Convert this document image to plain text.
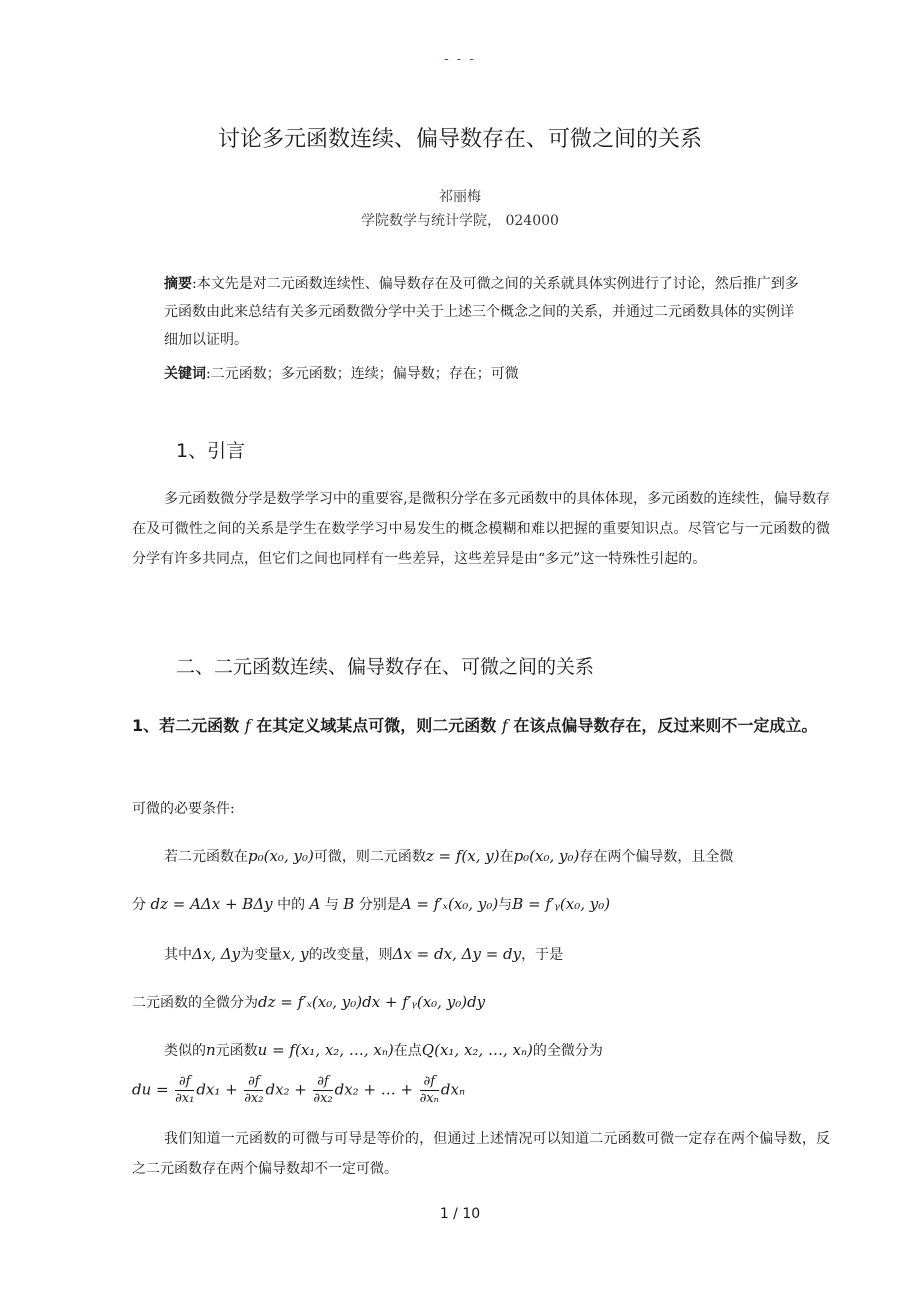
- - -
讨论多元函数连续、偏导数存在、可微之间的关系
祁丽梅
学院数学与统计学院， 024000
摘要:本文先是对二元函数连续性、偏导数存在及可微之间的关系就具体实例进行了讨论，然后推广到多元函数由此来总结有关多元函数微分学中关于上述三个概念之间的关系，并通过二元函数具体的实例详细加以证明。
关键词:二元函数；多元函数；连续；偏导数；存在；可微
1、引言
多元函数微分学是数学学习中的重要容,是微积分学在多元函数中的具体体现，多元函数的连续性，偏导数存在及可微性之间的关系是学生在数学学习中易发生的概念模糊和难以把握的重要知识点。尽管它与一元函数的微分学有许多共同点，但它们之间也同样有一些差异，这些差异是由“多元”这一特殊性引起的。
二、二元函数连续、偏导数存在、可微之间的关系
1、若二元函数 f 在其定义域某点可微，则二元函数 f 在该点偏导数存在，反过来则不一定成立。
可微的必要条件:
若二元函数在p₀(x₀, y₀)可微，则二元函数z = f(x, y)在p₀(x₀, y₀)存在两个偏导数，且全微
分 dz = AΔx + BΔy 中的 A 与 B 分别是A = f′ₓ(x₀, y₀)与B = f′ᵧ(x₀, y₀)
其中Δx, Δy为变量x, y的改变量，则Δx = dx, Δy = dy，于是
二元函数的全微分为dz = f′ₓ(x₀, y₀)dx + f′ᵧ(x₀, y₀)dy
类似的n元函数u = f(x₁, x₂, …, xₙ)在点Q(x₁, x₂, …, xₙ)的全微分为
du = $\frac{\partial f}{\text{∂x₁}} dx_1 + \frac{\partial f}{\text{∂x₂}} dx_2 + \frac{\partial f}{\text{∂x₂}} dx_2$ + … + $\frac{\partial f}{\text{∂xₙ}}$ dxₙ
我们知道一元函数的可微与可导是等价的，但通过上述情况可以知道二元函数可微一定存在两个偏导数，反之二元函数存在两个偏导数却不一定可微。
1 / 10
